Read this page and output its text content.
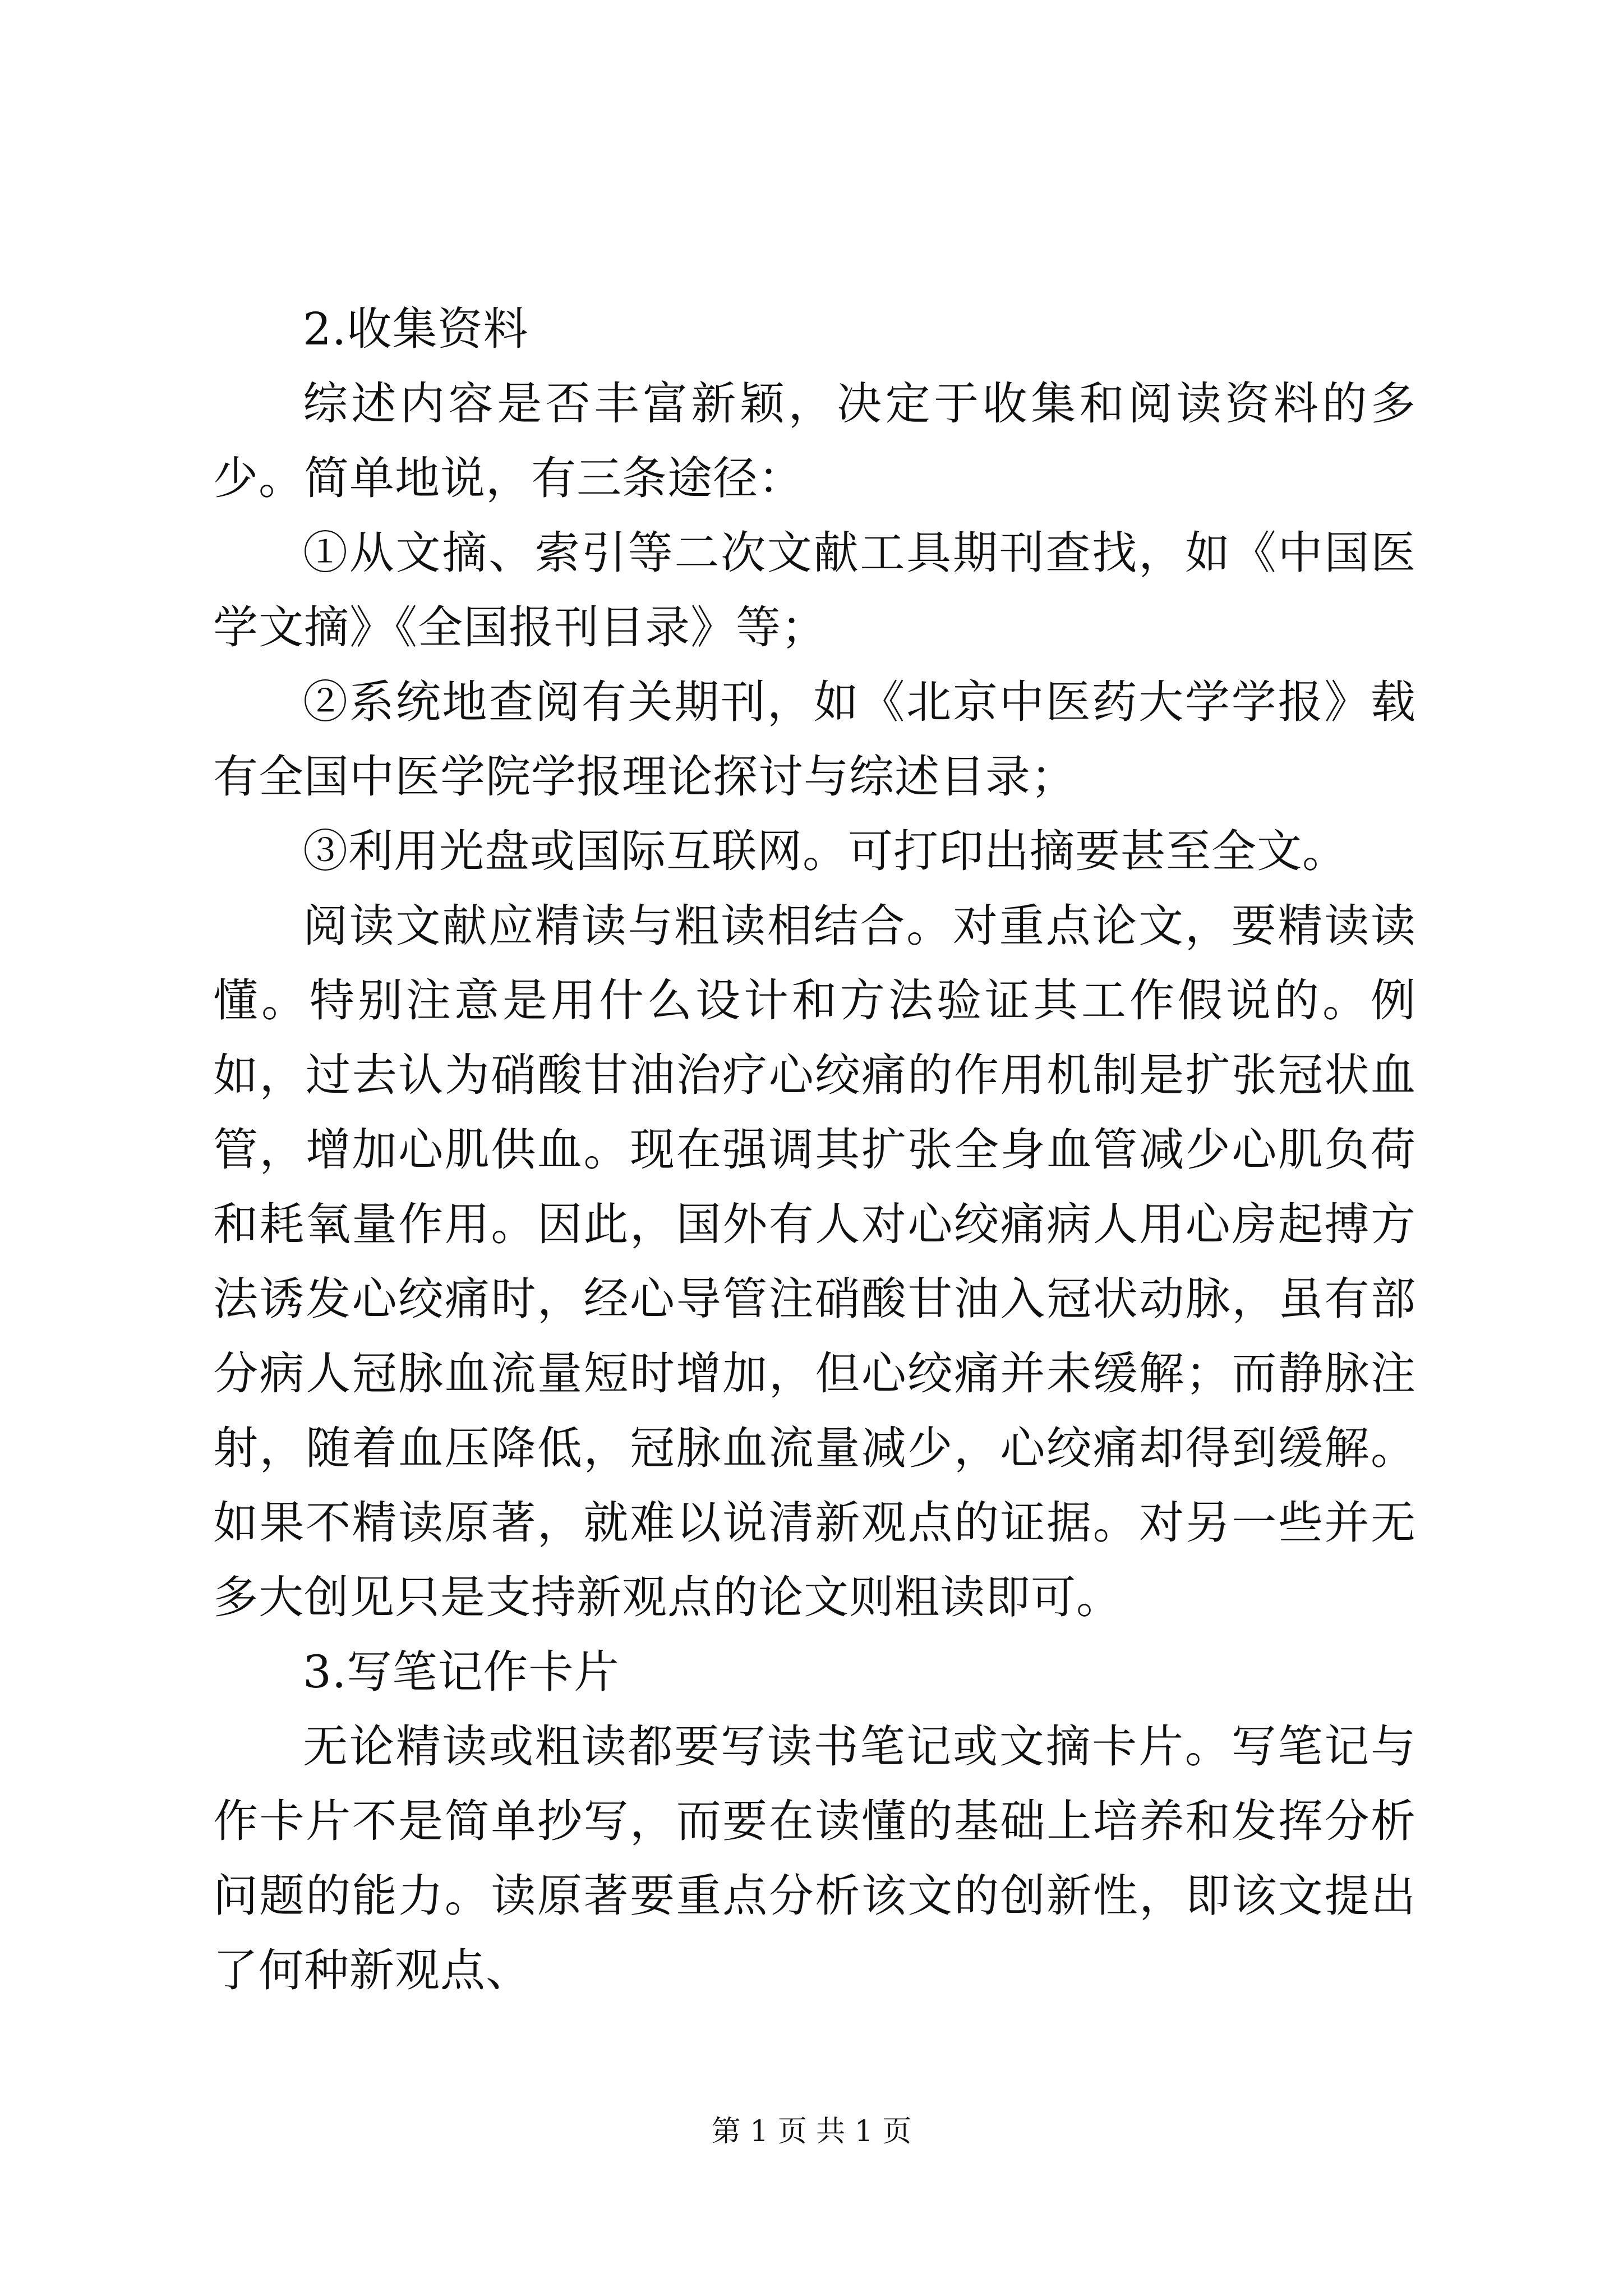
2.收集资料

综述内容是否丰富新颖，决定于收集和阅读资料的多少。简单地说，有三条途径：

①从文摘、索引等二次文献工具期刊查找，如《中国医学文摘》《全国报刊目录》等；

②系统地查阅有关期刊，如《北京中医药大学学报》载有全国中医学院学报理论探讨与综述目录；

③利用光盘或国际互联网。可打印出摘要甚至全文。

阅读文献应精读与粗读相结合。对重点论文，要精读读懂。特别注意是用什么设计和方法验证其工作假说的。例如，过去认为硝酸甘油治疗心绞痛的作用机制是扩张冠状血管，增加心肌供血。现在强调其扩张全身血管减少心肌负荷和耗氧量作用。因此，国外有人对心绞痛病人用心房起搏方法诱发心绞痛时，经心导管注硝酸甘油入冠状动脉，虽有部分病人冠脉血流量短时增加，但心绞痛并未缓解；而静脉注射，随着血压降低，冠脉血流量减少，心绞痛却得到缓解。如果不精读原著，就难以说清新观点的证据。对另一些并无多大创见只是支持新观点的论文则粗读即可。

3.写笔记作卡片

无论精读或粗读都要写读书笔记或文摘卡片。写笔记与作卡片不是简单抄写，而要在读懂的基础上培养和发挥分析问题的能力。读原著要重点分析该文的创新性，即该文提出了何种新观点、

第 1 页 共 1 页
